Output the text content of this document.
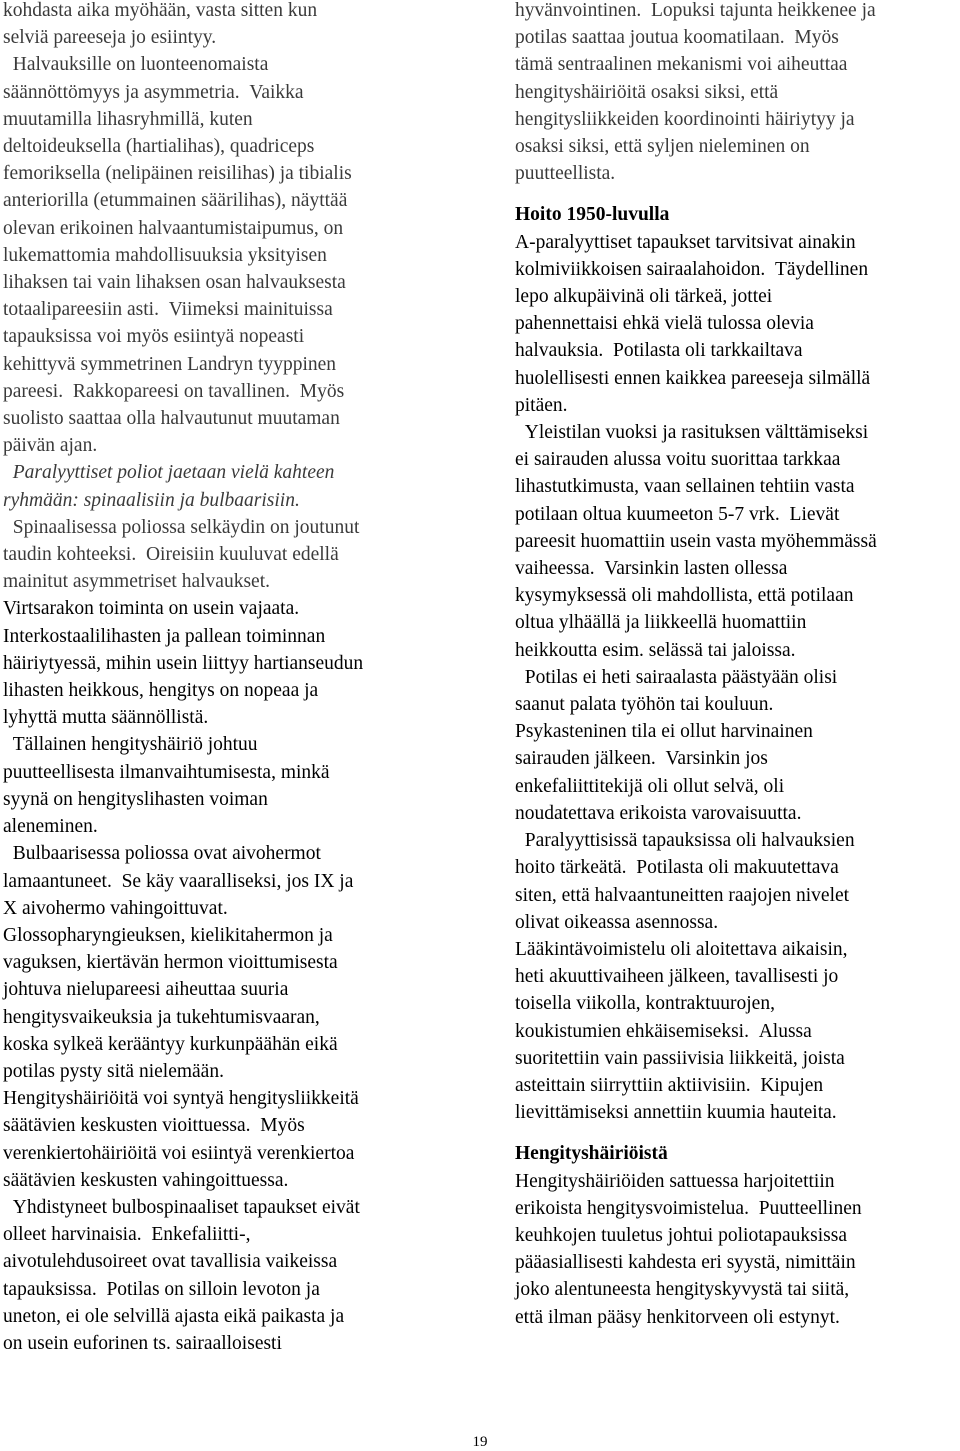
kohdasta aika myöhään, vasta sitten kun
selviä pareeseja jo esiintyy.
Halvauksille on luonteenomaista
säännöttömyys ja asymmetria.  Vaikka
muutamilla lihasryhmillä, kuten
deltoideuksella (hartialihas), quadriceps
femoriksella (nelipäinen reisilihas) ja tibialis
anteriorilla (etummainen säärilihas), näyttää
olevan erikoinen halvaantumistaipumus, on
lukemattomia mahdollisuuksia yksityisen
lihaksen tai vain lihaksen osan halvauksesta
totaalipareesiin asti.  Viimeksi mainituissa
tapauksissa voi myös esiintyä nopeasti
kehittyvä symmetrinen Landryn tyyppinen
pareesi.  Rakkopareesi on tavallinen.  Myös
suolisto saattaa olla halvautunut muutaman
päivän ajan.
Paralyyttiset poliot jaetaan vielä kahteen
ryhmään: spinaalisiin ja bulbaarisiin.
Spinaalisessa poliossa selkäydin on joutunut
taudin kohteeksi.  Oireisiin kuuluvat edellä
mainitut asymmetriset halvaukset.
Virtsarakon toiminta on usein vajaata.
Interkostaalilihasten ja pallean toiminnan
häiriytyessä, mihin usein liittyy hartianseudun
lihasten heikkous, hengitys on nopeaa ja
lyhyttä mutta säännöllistä.
Tällainen hengityshäiriö johtuu
puutteellisesta ilmanvaihtumisesta, minkä
syynä on hengityslihasten voiman
aleneminen.
Bulbaarisessa poliossa ovat aivohermot
lamaantuneet.  Se käy vaaralliseksi, jos IX ja
X aivohermo vahingoittuvat.
Glossopharyngieuksen, kielikitahermon ja
vaguksen, kiertävän hermon vioittumisesta
johtuva nielupareesi aiheuttaa suuria
hengitysvaikeuksia ja tukehtumisvaaran,
koska sylkeä kerääntyy kurkunpäähän eikä
potilas pysty sitä nielemään.
Hengityshäiriöitä voi syntyä hengitysliikkeitä
säätävien keskusten vioittuessa.  Myös
verenkiertohäiriöitä voi esiintyä verenkiertoa
säätävien keskusten vahingoittuessa.
Yhdistyneet bulbospinaaliset tapaukset eivät
olleet harvinaisia.  Enkefaliitti-,
aivotulehdusoireet ovat tavallisia vaikeissa
tapauksissa.  Potilas on silloin levoton ja
uneton, ei ole selvillä ajasta eikä paikasta ja
on usein euforinen ts. sairaalloisesti
hyvänvointinen.  Lopuksi tajunta heikkenee ja
potilas saattaa joutua koomatilaan.  Myös
tämä sentraalinen mekanismi voi aiheuttaa
hengityshäiriöitä osaksi siksi, että
hengitysliikkeiden koordinointi häiriytyy ja
osaksi siksi, että syljen nieleminen on
puutteellista.
Hoito 1950-luvulla
A-paralyyttiset tapaukset tarvitsivat ainakin
kolmiviikkoisen sairaalahoidon.  Täydellinen
lepo alkupäivinä oli tärkeä, jottei
pahennettaisi ehkä vielä tulossa olevia
halvauksia.  Potilasta oli tarkkailtava
huolellisesti ennen kaikkea pareeseja silmällä
pitäen.
Yleistilan vuoksi ja rasituksen välttämiseksi
ei sairauden alussa voitu suorittaa tarkkaa
lihastutkimusta, vaan sellainen tehtiin vasta
potilaan oltua kuumeeton 5-7 vrk.  Lievät
pareesit huomattiin usein vasta myöhemmässä
vaiheessa.  Varsinkin lasten ollessa
kysymyksessä oli mahdollista, että potilaan
oltua ylhäällä ja liikkeellä huomattiin
heikkoutta esim. selässä tai jaloissa.
Potilas ei heti sairaalasta päästyään olisi
saanut palata työhön tai kouluun.
Psykasteninen tila ei ollut harvinainen
sairauden jälkeen.  Varsinkin jos
enkefaliittitekijä oli ollut selvä, oli
noudatettava erikoista varovaisuutta.
Paralyyttisissä tapauksissa oli halvauksien
hoito tärkeätä.  Potilasta oli makuutettava
siten, että halvaantuneitten raajojen nivelet
olivat oikeassa asennossa.
Lääkintävoimistelu oli aloitettava aikaisin,
heti akuuttivaiheen jälkeen, tavallisesti jo
toisella viikolla, kontraktuurojen,
koukistumien ehkäisemiseksi.  Alussa
suoritettiin vain passiivisia liikkeitä, joista
asteittain siirryttiin aktiivisiin.  Kipujen
lievittämiseksi annettiin kuumia hauteita.
Hengityshäiriöistä
Hengityshäiriöiden sattuessa harjoitettiin
erikoista hengitysvoimistelua.  Puutteellinen
keuhkojen tuuletus johtui poliotapauksissa
pääasiallisesti kahdesta eri syystä, nimittäin
joko alentuneesta hengityskyvystä tai siitä,
että ilman pääsy henkitorveen oli estynyt.
19
